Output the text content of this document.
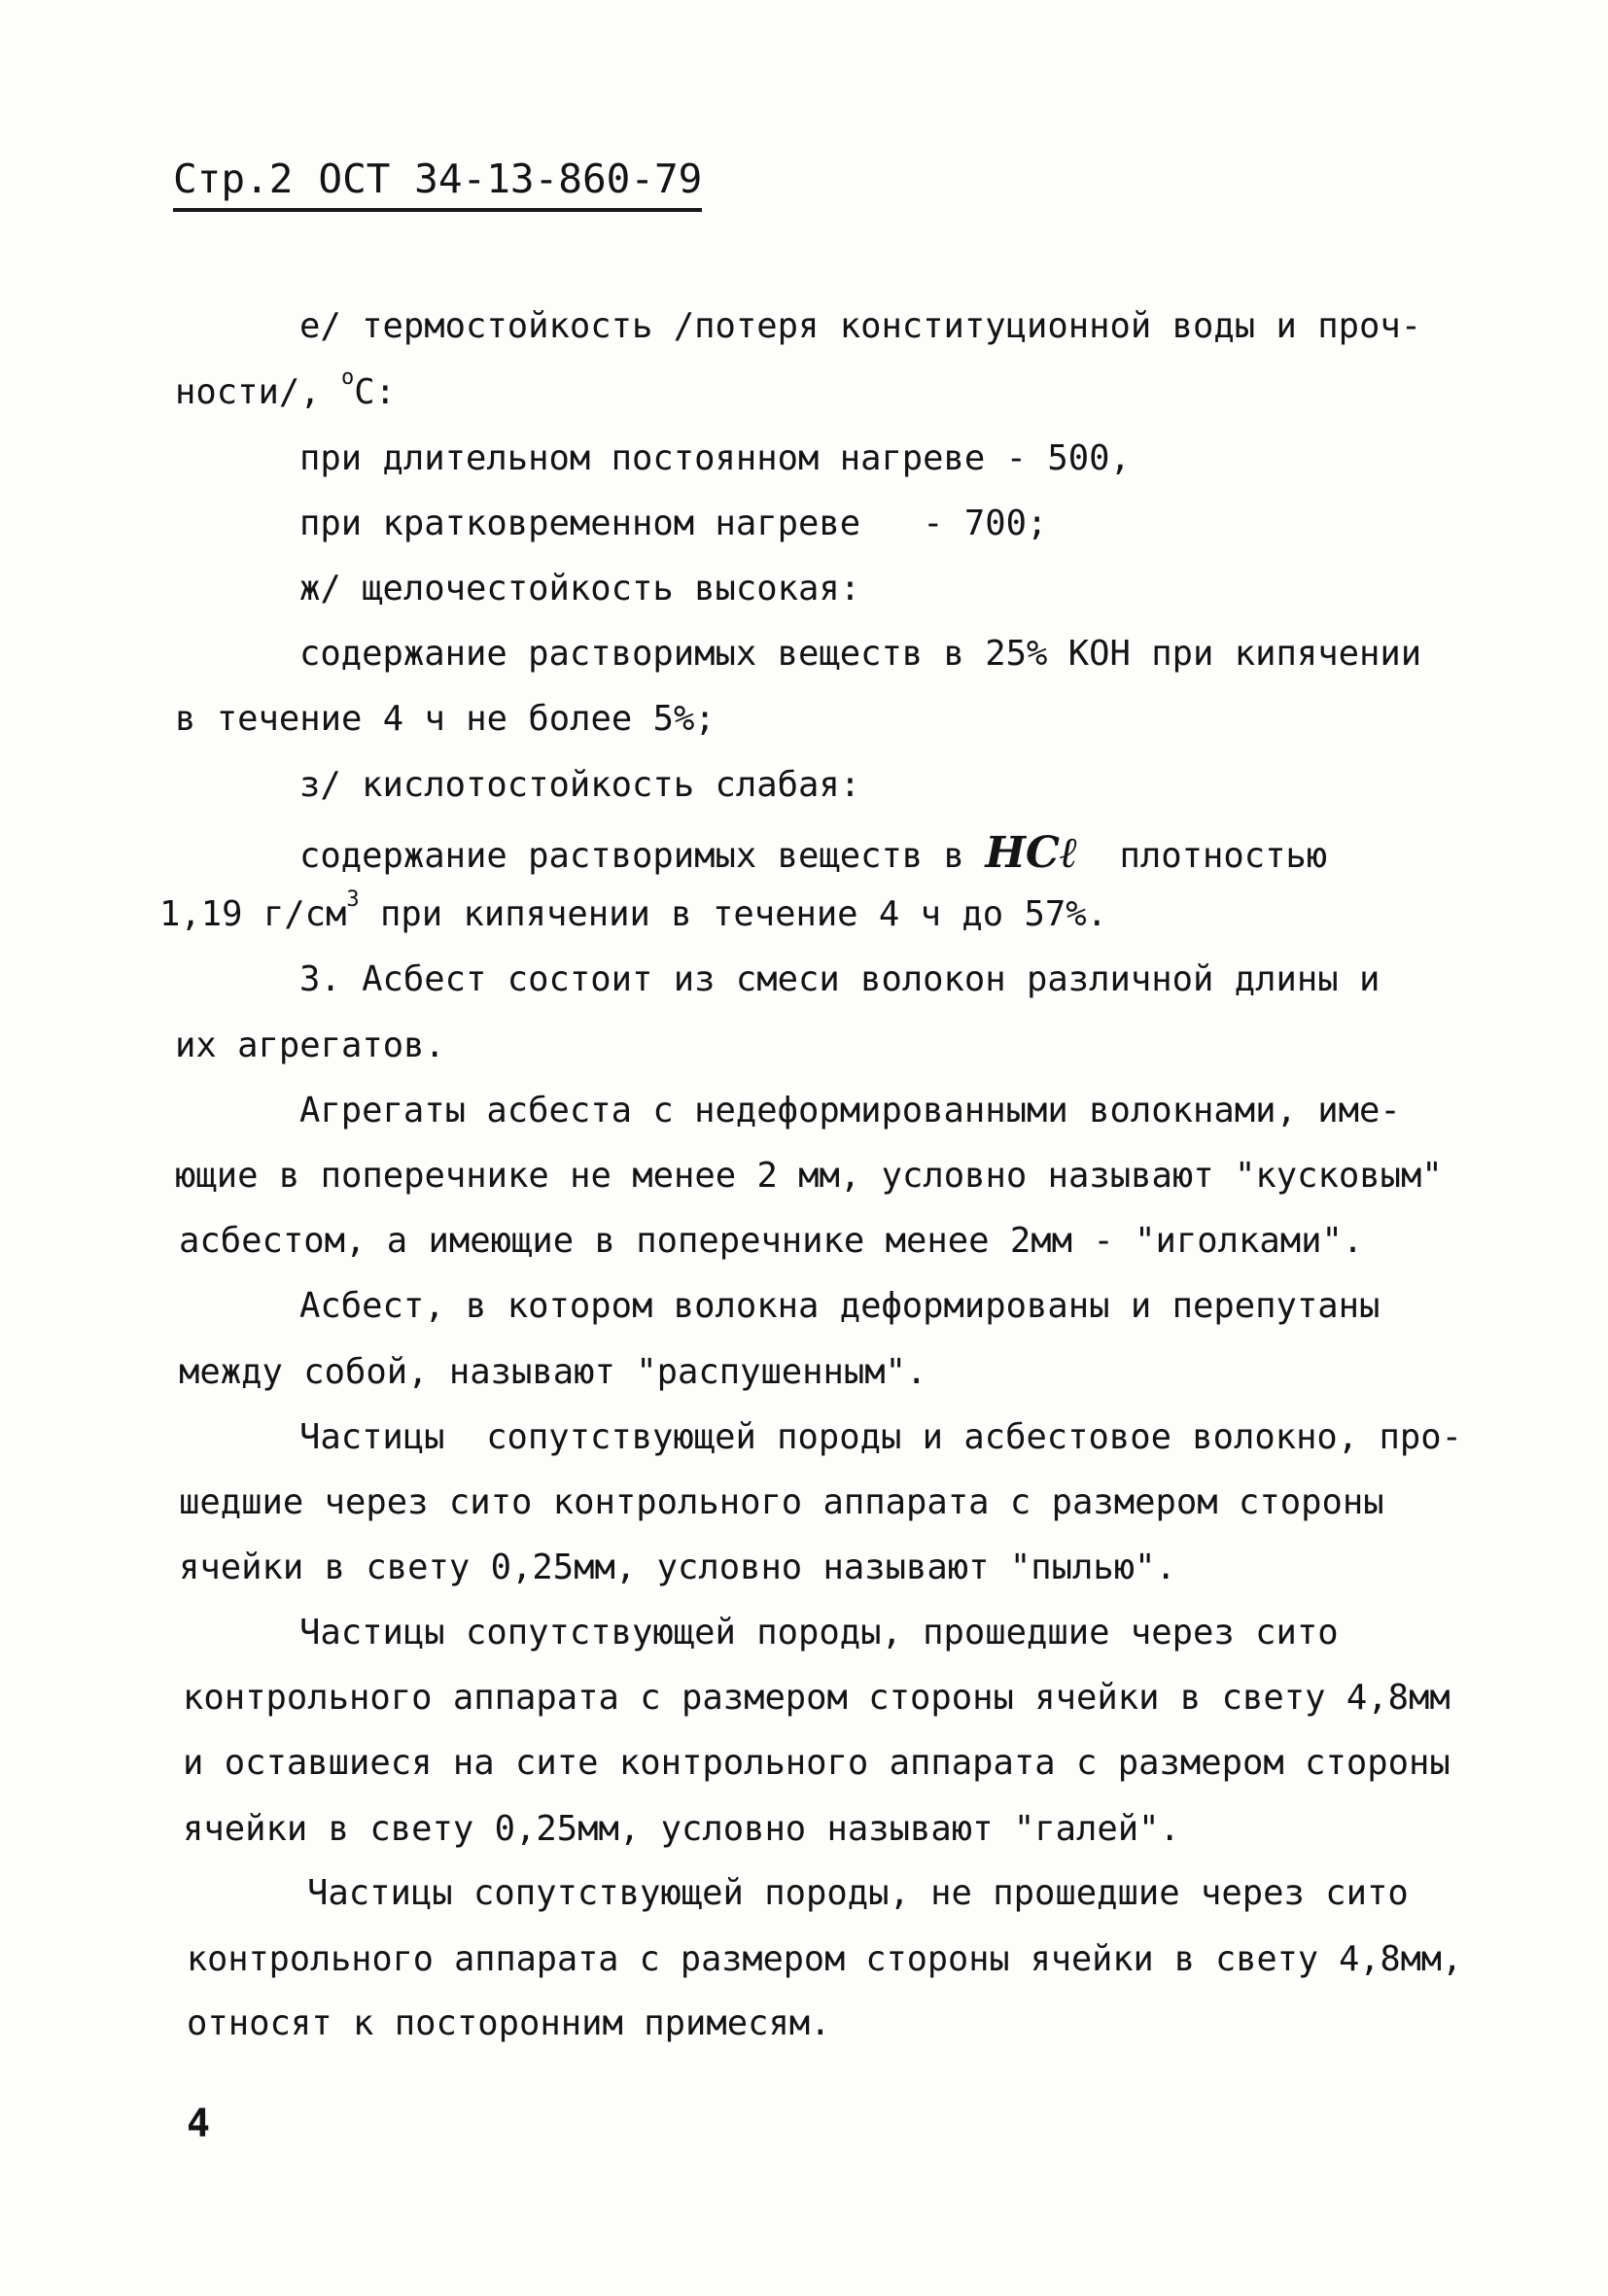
Стр.2 ОСТ 34-13-860-79
е/ термостойкость /потеря конституционной воды и проч-
ности/, $^о$С:
при длительном постоянном нагреве - 500,
при кратковременном нагреве   - 700;
ж/ щелочестойкость высокая:
содержание растворимых веществ в 25% КОН при кипячении
в течение 4 ч не более 5%;
з/ кислотостойкость слабая:
содержание растворимых веществ в HCℓ плотностью
1,19 $г/см^3$ при кипячении в течение 4 ч до 57%.
3. Асбест состоит из смеси волокон различной длины и
их агрегатов.
Агрегаты асбеста с недеформированными волокнами, име-
ющие в поперечнике не менее 2 мм, условно называют "кусковым"
асбестом, а имеющие в поперечнике менее 2мм - "иголками".
Асбест, в котором волокна деформированы и перепутаны
между собой, называют "распушенным".
Частицы  сопутствующей породы и асбестовое волокно, про-
шедшие через сито контрольного аппарата с размером стороны
ячейки в свету 0,25мм, условно называют "пылью".
Частицы сопутствующей породы, прошедшие через сито
контрольного аппарата с размером стороны ячейки в свету 4,8мм
и оставшиеся на сите контрольного аппарата с размером стороны
ячейки в свету 0,25мм, условно называют "галей".
Частицы сопутствующей породы, не прошедшие через сито
контрольного аппарата с размером стороны ячейки в свету 4,8мм,
относят к посторонним примесям.
4
